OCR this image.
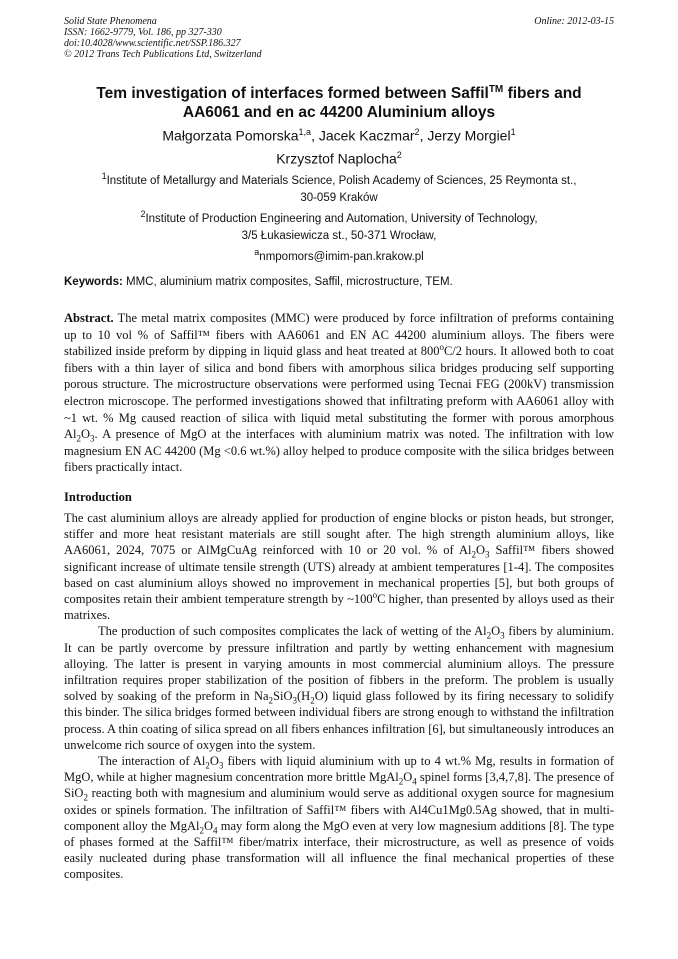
Solid State Phenomena
ISSN: 1662-9779, Vol. 186, pp 327-330
doi:10.4028/www.scientific.net/SSP.186.327
© 2012 Trans Tech Publications Ltd, Switzerland
Online: 2012-03-15
Tem investigation of interfaces formed between Saffil™ fibers and
AA6061 and en ac 44200 Aluminium alloys
Małgorzata Pomorska$^{1,a}$, Jacek Kaczmar$^2$, Jerzy Morgiel$^1$
Krzysztof Naplocha$^2$
$^1$Institute of Metallurgy and Materials Science, Polish Academy of Sciences, 25 Reymonta st.,
30-059 Kraków
$^2$Institute of Production Engineering and Automation, University of Technology,
3/5 Łukasiewicza st., 50-371 Wrocław,
$^a$nmpomors@imim-pan.krakow.pl
Keywords: MMC, aluminium matrix composites, Saffil, microstructure, TEM.
Abstract. The metal matrix composites (MMC) were produced by force infiltration of preforms containing up to 10 vol % of Saffil™ fibers with AA6061 and EN AC 44200 aluminium alloys. The fibers were stabilized inside preform by dipping in liquid glass and heat treated at 800$^o$C/2 hours. It allowed both to coat fibers with a thin layer of silica and bond fibers with amorphous silica bridges producing self supporting porous structure. The microstructure observations were performed using Tecnai FEG (200kV) transmission electron microscope. The performed investigations showed that infiltrating preform with AA6061 alloy with ~1 wt. % Mg caused reaction of silica with liquid metal substituting the former with porous amorphous $Al_2O_3$. A presence of MgO at the interfaces with aluminium matrix was noted. The infiltration with low magnesium EN AC 44200 (Mg <0.6 wt.%) alloy helped to produce composite with the silica bridges between fibers practically intact.
Introduction

The cast aluminium alloys are already applied for production of engine blocks or piston heads, but stronger, stiffer and more heat resistant materials are still sought after. The high strength aluminium alloys, like AA6061, 2024, 7075 or AlMgCuAg reinforced with 10 or 20 vol. % of $Al_2O_3$ Saffil™ fibers showed significant increase of ultimate tensile strength (UTS) already at ambient temperatures [1-4]. The composites based on cast aluminium alloys showed no improvement in mechanical properties [5], but both groups of composites retain their ambient temperature strength by ~100$^o$C higher, than presented by alloys used as their matrixes.

The production of such composites complicates the lack of wetting of the $Al_2O_3$ fibers by aluminium. It can be partly overcome by pressure infiltration and partly by wetting enhancement with magnesium alloying. The latter is present in varying amounts in most commercial aluminium alloys. The pressure infiltration requires proper stabilization of the position of fibbers in the preform. The problem is usually solved by soaking of the preform in $Na_2SiO_3(H_2O)$ liquid glass followed by its firing necessary to solidify this binder. The silica bridges formed between individual fibers are strong enough to withstand the infiltration process. A thin coating of silica spread on all fibers enhances infiltration [6], but simultaneously introduces an unwelcome rich source of oxygen into the system.

The interaction of $Al_2O_3$ fibers with liquid aluminium with up to 4 wt.% Mg, results in formation of MgO, while at higher magnesium concentration more brittle $MgAl_2O_4$ spinel forms [3,4,7,8]. The presence of SiO$_2$ reacting both with magnesium and aluminium would serve as additional oxygen source for magnesium oxides or spinels formation. The infiltration of Saffil™ fibers with Al4Cu1Mg0.5Ag showed, that in multi-component alloy the $MgAl_2O_4$ may form along the MgO even at very low magnesium additions [8]. The type of phases formed at the Saffil™ fiber/matrix interface, their microstructure, as well as presence of voids easily nucleated during phase transformation will all influence the final mechanical properties of these composites.
